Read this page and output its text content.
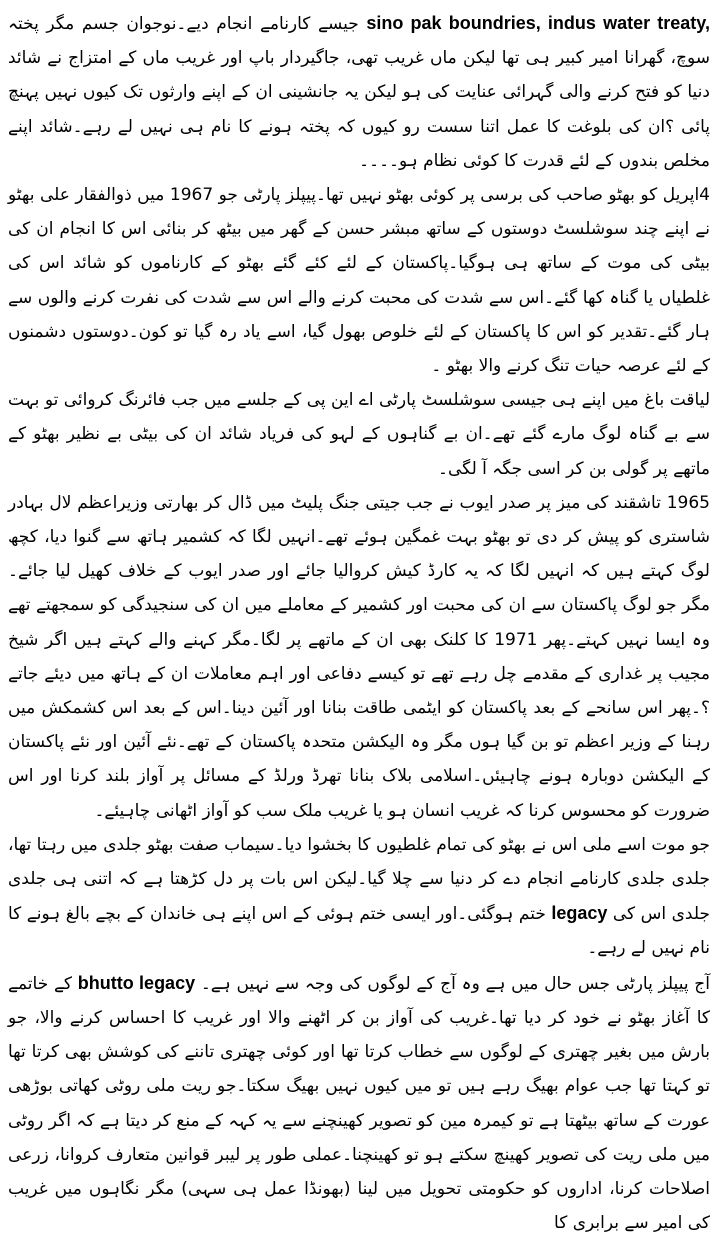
sino pak boundries, indus water treaty, جیسے کارنامے انجام دیے۔نوجوان جسم مگر پختہ سوچ، گھرانا امیر کبیر ہی تھا لیکن ماں غریب تھی، جاگیردار باپ اور غریب ماں کے امتزاج نے شائد دنیا کو فتح کرنے والی گہرائی عنایت کی ہو لیکن یہ جانشینی ان کے اپنے وارثوں تک کیوں نہیں پہنچ پائی ؟ان کی بلوغت کا عمل اتنا سست رو کیوں کہ پختہ ہونے کا نام ہی نہیں لے رہے۔شائد اپنے مخلص بندوں کے لئے قدرت کا کوئی نظام ہو۔۔۔۔

4اپریل کو بھٹو صاحب کی برسی پر کوئی بھٹو نہیں تھا۔پیپلز پارٹی جو 1967 میں ذوالفقار علی بھٹو نے اپنے چند سوشلسٹ دوستوں کے ساتھ مبشر حسن کے گھر میں بیٹھ کر بنائی اس کا انجام ان کی بیٹی کی موت کے ساتھ ہی ہوگیا۔پاکستان کے لئے کئے گئے بھٹو کے کارناموں کو شائد اس کی غلطیاں یا گناہ کھا گئے۔اس سے شدت کی محبت کرنے والے اس سے شدت کی نفرت کرنے والوں سے ہار گئے۔تقدیر کو اس کا پاکستان کے لئے خلوص بھول گیا، اسے یاد رہ گیا تو کون۔دوستوں دشمنوں کے لئے عرصہ حیات تنگ کرنے والا بھٹو ۔

لیاقت باغ میں اپنے ہی جیسی سوشلسٹ پارٹی اے این پی کے جلسے میں جب فائرنگ کروائی تو بہت سے بے گناہ لوگ مارے گئے تھے۔ان بے گناہوں کے لہو کی فریاد شائد ان کی بیٹی بے نظیر بھٹو کے ماتھے پر گولی بن کر اسی جگہ آ لگی۔

1965 تاشقند کی میز پر صدر ایوب نے جب جیتی جنگ پلیٹ میں ڈال کر بھارتی وزیراعظم لال بہادر شاستری کو پیش کر دی تو بھٹو بہت غمگین ہوئے تھے۔انہیں لگا کہ کشمیر ہاتھ سے گنوا دیا، کچھ لوگ کہتے ہیں کہ انہیں لگا کہ یہ کارڈ کیش کروالیا جائے اور صدر ایوب کے خلاف کھیل لیا جائے۔مگر جو لوگ پاکستان سے ان کی محبت اور کشمیر کے معاملے میں ان کی سنجیدگی کو سمجھتے تھے وہ ایسا نہیں کہتے۔پھر 1971 کا کلنک بھی ان کے ماتھے پر لگا۔مگر کہنے والے کہتے ہیں اگر شیخ مجیب پر غداری کے مقدمے چل رہے تھے تو کیسے دفاعی اور اہم معاملات ان کے ہاتھ میں دیئے جاتے ؟۔پھر اس سانحے کے بعد پاکستان کو ایٹمی طاقت بنانا اور آئین دینا۔اس کے بعد اس کشمکش میں رہنا کے وزیر اعظم تو بن گیا ہوں مگر وہ الیکشن متحدہ پاکستان کے تھے۔نئے آئین اور نئے پاکستان کے الیکشن دوبارہ ہونے چاہیئں۔اسلامی بلاک بنانا تھرڈ ورلڈ کے مسائل پر آواز بلند کرنا اور اس ضرورت کو محسوس کرنا کہ غریب انسان ہو یا غریب ملک سب کو آواز اٹھانی چاہیئے۔

جو موت اسے ملی اس نے بھٹو کی تمام غلطیوں کا بخشوا دیا۔سیماب صفت بھٹو جلدی میں رہتا تھا، جلدی جلدی کارنامے انجام دے کر دنیا سے چلا گیا۔لیکن اس بات پر دل کڑھتا ہے کہ اتنی ہی جلدی جلدی اس کی legacy ختم ہوگئی۔اور ایسی ختم ہوئی کے اس اپنے ہی خاندان کے بچے بالغ ہونے کا نام نہیں لے رہے۔

آج پیپلز پارٹی جس حال میں ہے وہ آج کے لوگوں کی وجہ سے نہیں ہے۔ bhutto legacy کے خاتمے کا آغاز بھٹو نے خود کر دیا تھا۔غریب کی آواز بن کر اٹھنے والا اور غریب کا احساس کرنے والا، جو بارش میں بغیر چھتری کے لوگوں سے خطاب کرتا تھا اور کوئی چھتری تاننے کی کوشش بھی کرتا تھا تو کہتا تھا جب عوام بھیگ رہے ہیں تو میں کیوں نہیں بھیگ سکتا۔جو ریت ملی روٹی کھاتی بوڑھی عورت کے ساتھ بیٹھتا ہے تو کیمرہ مین کو تصویر کھینچنے سے یہ کہہ کے منع کر دیتا ہے کہ اگر روٹی میں ملی ریت کی تصویر کھینچ سکتے ہو تو کھینچنا۔عملی طور پر لیبر قوانین متعارف کروانا، زرعی اصلاحات کرنا، اداروں کو حکومتی تحویل میں لینا (بھونڈا عمل ہی سہی) مگر نگاہوں میں غریب کی امیر سے برابری کا
